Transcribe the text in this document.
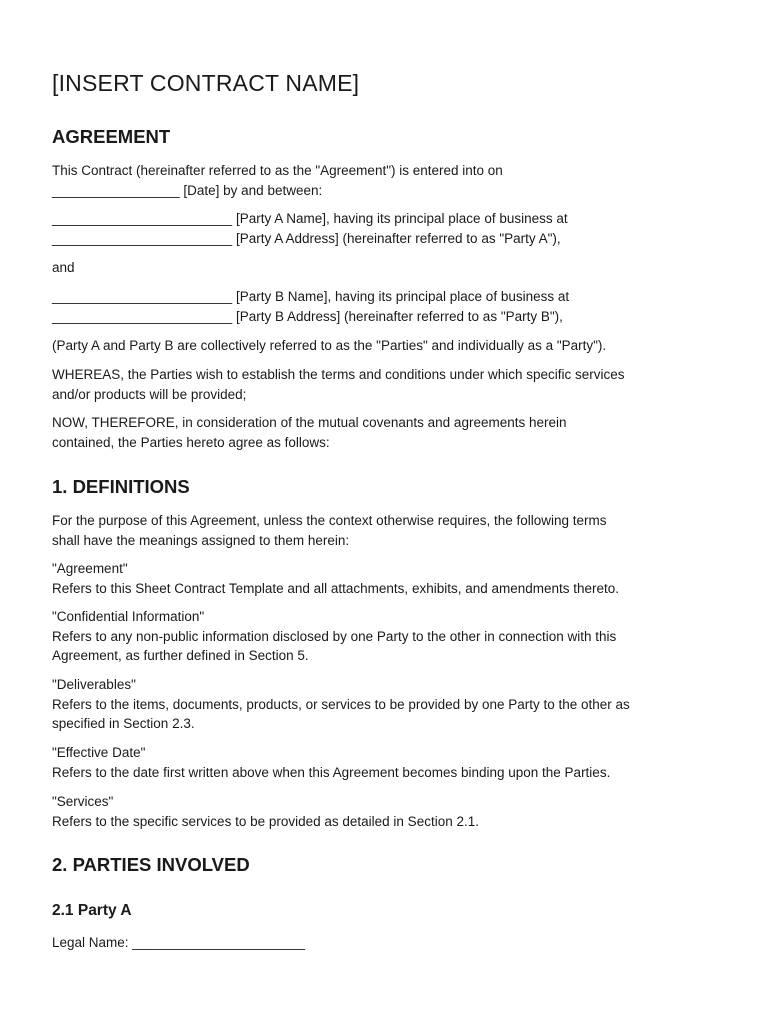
[INSERT CONTRACT NAME]
AGREEMENT

This Contract (hereinafter referred to as the "Agreement") is entered into on
_________________ [Date] by and between:

________________________ [Party A Name], having its principal place of business at
________________________ [Party A Address] (hereinafter referred to as "Party A"),

and

________________________ [Party B Name], having its principal place of business at
________________________ [Party B Address] (hereinafter referred to as "Party B"),

(Party A and Party B are collectively referred to as the "Parties" and individually as a "Party").

WHEREAS, the Parties wish to establish the terms and conditions under which specific services
and/or products will be provided;

NOW, THEREFORE, in consideration of the mutual covenants and agreements herein
contained, the Parties hereto agree as follows:

1. DEFINITIONS

For the purpose of this Agreement, unless the context otherwise requires, the following terms
shall have the meanings assigned to them herein:

"Agreement"
Refers to this Sheet Contract Template and all attachments, exhibits, and amendments thereto.

"Confidential Information"
Refers to any non-public information disclosed by one Party to the other in connection with this
Agreement, as further defined in Section 5.

"Deliverables"
Refers to the items, documents, products, or services to be provided by one Party to the other as
specified in Section 2.3.

"Effective Date"
Refers to the date first written above when this Agreement becomes binding upon the Parties.

"Services"
Refers to the specific services to be provided as detailed in Section 2.1.

2. PARTIES INVOLVED
2.1 Party A

Legal Name: _______________________
